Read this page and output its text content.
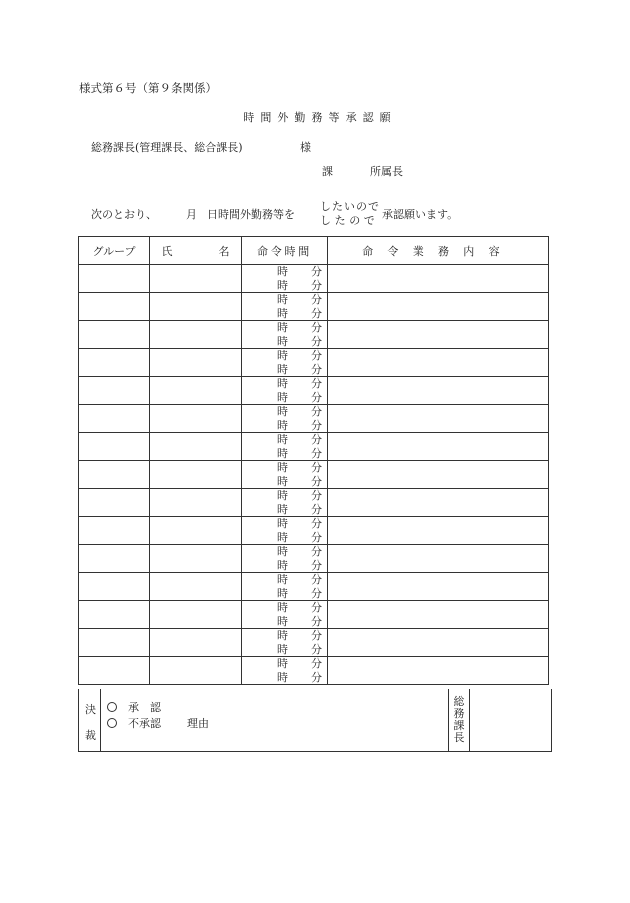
様式第６号（第９条関係）
時間外勤務等承認願
総務課長(管理課長、総合課長)	様
課	所属長
次のとおり、	月 日時間外勤務等を
したいので
したので 承認願います。
グループ	氏 名	命令時間	命令業務内容

		時 分
時 分	

		時 分
時 分	

		時 分
時 分	

		時 分
時 分	

		時 分
時 分	

		時 分
時 分	

		時 分
時 分	

		時 分
時 分	

		時 分
時 分	

		時 分
時 分	

		時 分
時 分	

		時 分
時 分	

		時 分
時 分	

		時 分
時 分	

		時 分
時 分	

決
裁
承　認
不承認 理由
総務課長
